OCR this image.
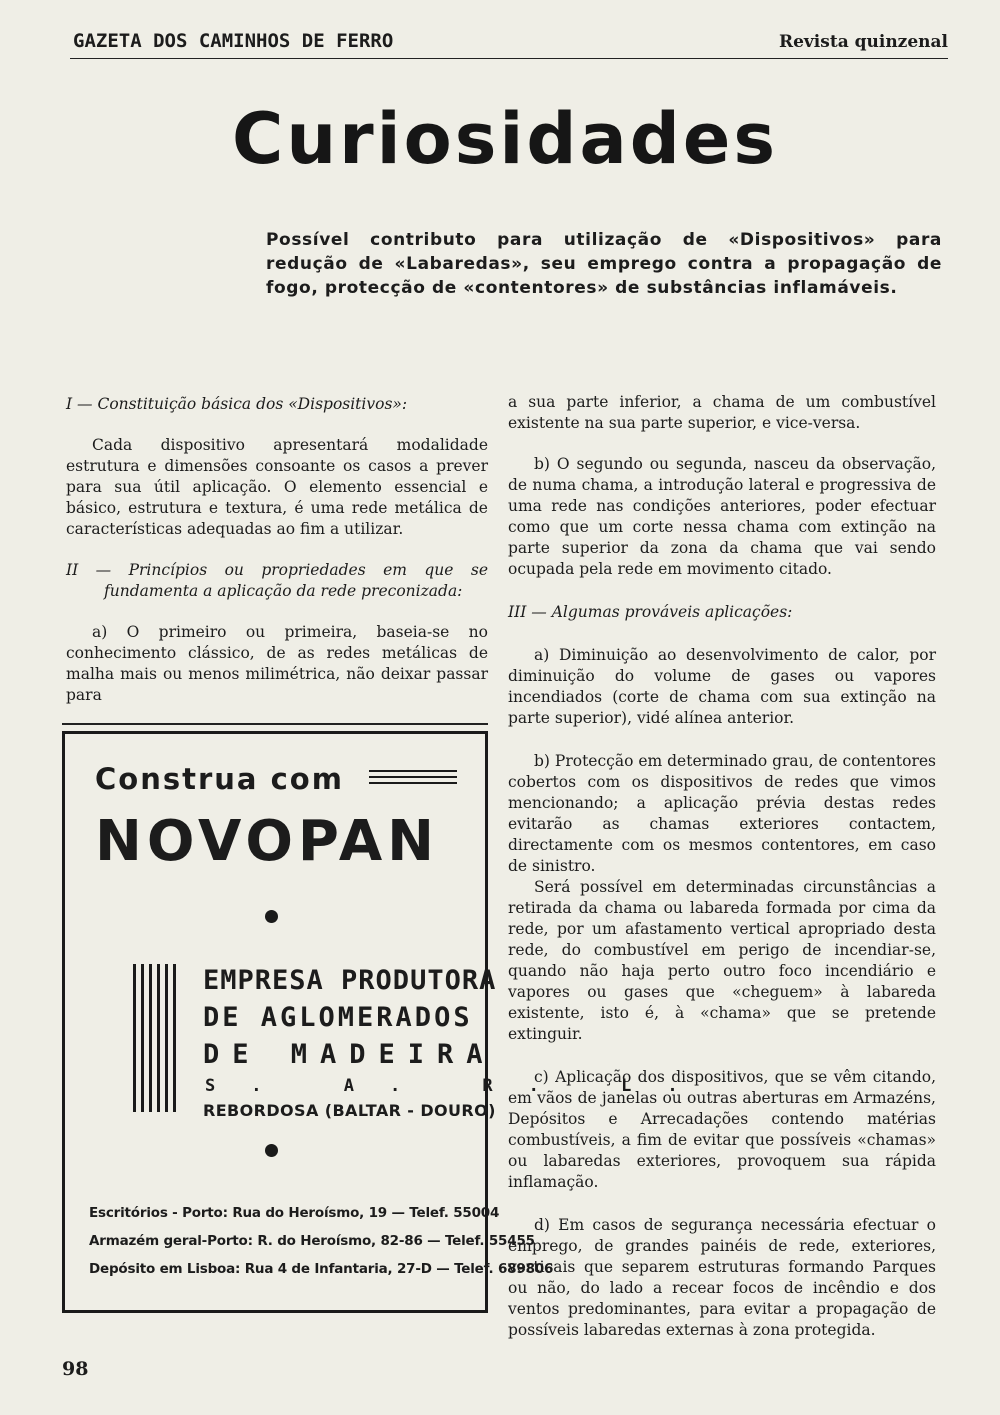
GAZETA DOS CAMINHOS DE FERRO	Revista quinzenal
Curiosidades
Possível contributo para utilização de «Dispositivos» para redução de «Labaredas», seu emprego contra a propagação de fogo, protecção de «contentores» de substâncias inflamáveis.

I — Constituição básica dos «Dispositivos»:

Cada dispositivo apresentará modalidade estrutura e dimensões consoante os casos a prever para sua útil aplicação. O elemento essencial e básico, estrutura e textura, é uma rede metálica de características adequadas ao fim a utilizar.

II — Princípios ou propriedades em que se fundamenta a aplicação da rede preconizada:

a) O primeiro ou primeira, baseia-se no conhecimento clássico, de as redes metálicas de malha mais ou menos milimétrica, não deixar passar para

a sua parte inferior, a chama de um combustível existente na sua parte superior, e vice-versa.

b) O segundo ou segunda, nasceu da observação, de numa chama, a introdução lateral e progressiva de uma rede nas condições anteriores, poder efectuar como que um corte nessa chama com extinção na parte superior da zona da chama que vai sendo ocupada pela rede em movimento citado.

III — Algumas prováveis aplicações:

a) Diminuição ao desenvolvimento de calor, por diminuição do volume de gases ou vapores incendiados (corte de chama com sua extinção na parte superior), vidé alínea anterior.

b) Protecção em determinado grau, de contentores cobertos com os dispositivos de redes que vimos mencionando; a aplicação prévia destas redes evitarão as chamas exteriores contactem, directamente com os mesmos contentores, em caso de sinistro.

Será possível em determinadas circunstâncias a retirada da chama ou labareda formada por cima da rede, por um afastamento vertical apropriado desta rede, do combustível em perigo de incendiar-se, quando não haja perto outro foco incendiário e vapores ou gases que «cheguem» à labareda existente, isto é, à «chama» que se pretende extinguir.

c) Aplicação dos dispositivos, que se vêm citando, em vãos de janelas ou outras aberturas em Armazéns, Depósitos e Arrecadações contendo matérias combustíveis, a fim de evitar que possíveis «chamas» ou labaredas exteriores, provoquem sua rápida inflamação.

d) Em casos de segurança necessária efectuar o emprego, de grandes painéis de rede, exteriores, verticais que separem estruturas formando Parques ou não, do lado a recear focos de incêndio e dos ventos predominantes, para evitar a propagação de possíveis labaredas externas à zona protegida.

Construa com
NOVOPAN
EMPRESA PRODUTORA
DE AGLOMERADOS
DE MADEIRA
S. A. R. L.
REBORDOSA (BALTAR - DOURO)
Escritórios - Porto: Rua do Heroísmo, 19 — Telef. 55004
Armazém geral-Porto: R. do Heroísmo, 82-86 — Telef. 55455
Depósito em Lisboa: Rua 4 de Infantaria, 27-D — Telef. 689806
98
